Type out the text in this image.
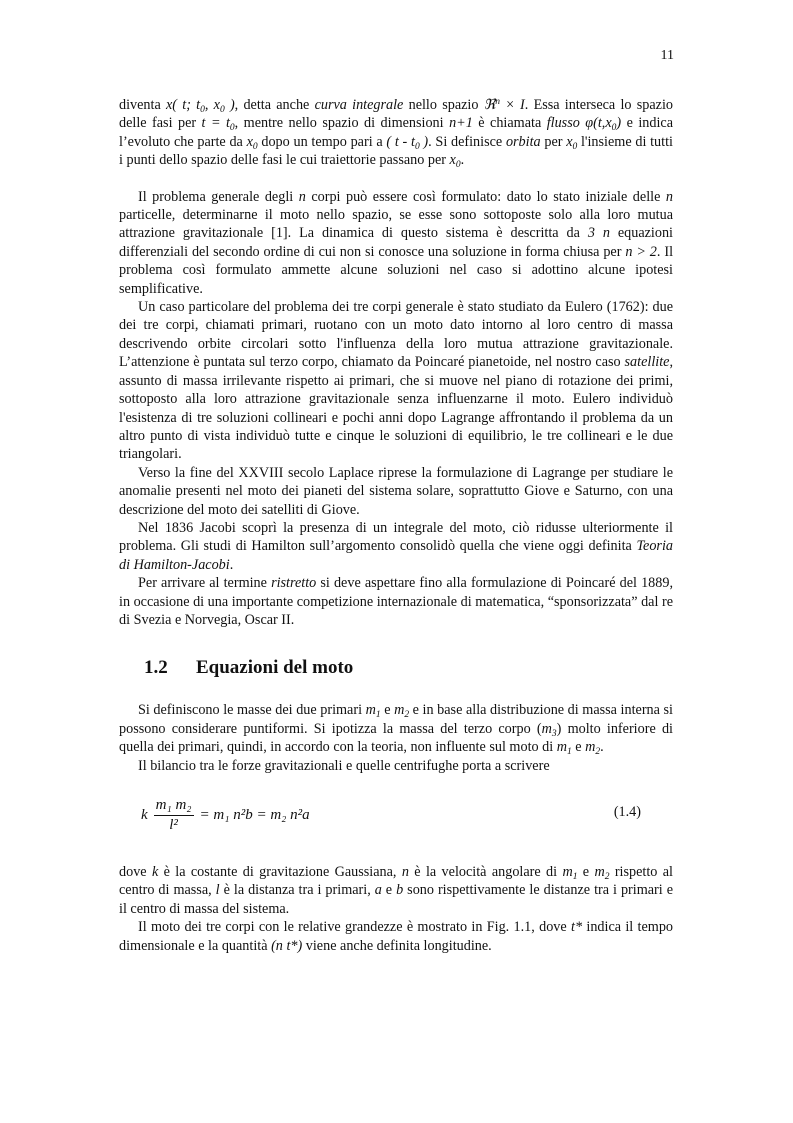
11

diventa x( t; $t_0$, $x_0$ ), detta anche curva integrale nello spazio ℜ$^n$ × I. Essa interseca lo spazio delle fasi per $t = t_0$, mentre nello spazio di dimensioni n+1 è chiamata flusso $\varphi(t,x_0)$ e indica l’evoluto che parte da $x_0$ dopo un tempo pari a ( t - $t_0$ ). Si definisce orbita per $x_0$ l'insieme di tutti i punti dello spazio delle fasi le cui traiettorie passano per $x_0$.

Il problema generale degli n corpi può essere così formulato: dato lo stato iniziale delle n particelle, determinarne il moto nello spazio, se esse sono sottoposte solo alla loro mutua attrazione gravitazionale [1]. La dinamica di questo sistema è descritta da 3 n equazioni differenziali del secondo ordine di cui non si conosce una soluzione in forma chiusa per n > 2. Il problema così formulato ammette alcune soluzioni nel caso si adottino alcune ipotesi semplificative.

Un caso particolare del problema dei tre corpi generale è stato studiato da Eulero (1762): due dei tre corpi, chiamati primari, ruotano con un moto dato intorno al loro centro di massa descrivendo orbite circolari sotto l'influenza della loro mutua attrazione gravitazionale. L’attenzione è puntata sul terzo corpo, chiamato da Poincaré pianetoide, nel nostro caso satellite, assunto di massa irrilevante rispetto ai primari, che si muove nel piano di rotazione dei primi, sottoposto alla loro attrazione gravitazionale senza influenzarne il moto. Eulero individuò l'esistenza di tre soluzioni collineari e pochi anni dopo Lagrange affrontando il problema da un altro punto di vista individuò tutte e cinque le soluzioni di equilibrio, le tre collineari e le due triangolari.

Verso la fine del XXVIII secolo Laplace riprese la formulazione di Lagrange per studiare le anomalie presenti nel moto dei pianeti del sistema solare, soprattutto Giove e Saturno, con una descrizione del moto dei satelliti di Giove.

Nel 1836 Jacobi scoprì la presenza di un integrale del moto, ciò ridusse ulteriormente il problema. Gli studi di Hamilton sull’argomento consolidò quella che viene oggi definita Teoria di Hamilton-Jacobi.

Per arrivare al termine ristretto si deve aspettare fino alla formulazione di Poincaré del 1889, in occasione di una importante competizione internazionale di matematica, “sponsorizzata” dal re di Svezia e Norvegia, Oscar II.

1.2 Equazioni del moto

Si definiscono le masse dei due primari $m_1$ e $m_2$ e in base alla distribuzione di massa interna si possono considerare puntiformi. Si ipotizza la massa del terzo corpo $(m_3)$ molto inferiore di quella dei primari, quindi, in accordo con la teoria, non influente sul moto di $m_1$ e $m_2$.

Il bilancio tra le forze gravitazionali e quelle centrifughe porta a scrivere

k $\frac{\text{m₁ m₂}}{\text{l²}} = m_1$ n²b = m₂ n²a	(1.4)

dove k è la costante di gravitazione Gaussiana, n è la velocità angolare di $m_1$ e $m_2$ rispetto al centro di massa, l è la distanza tra i primari, a e b sono rispettivamente le distanze tra i primari e il centro di massa del sistema.

Il moto dei tre corpi con le relative grandezze è mostrato in Fig. 1.1, dove t* indica il tempo dimensionale e la quantità (n t*) viene anche definita longitudine.
